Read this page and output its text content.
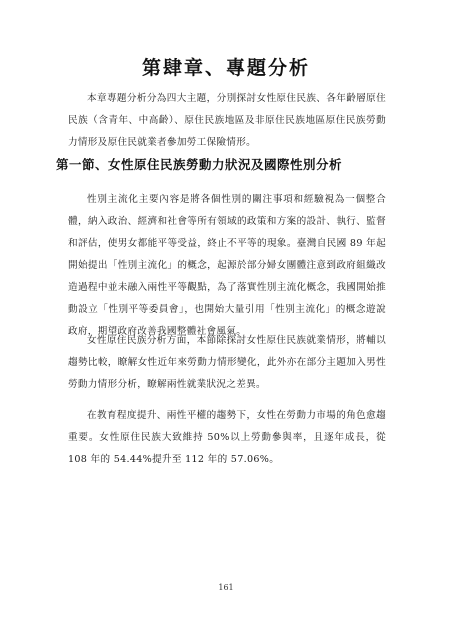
第肆章、專題分析

本章專題分析分為四大主題，分別探討女性原住民族、各年齡層原住民族（含青年、中高齡）、原住民族地區及非原住民族地區原住民族勞動力情形及原住民就業者參加勞工保險情形。

第一節、女性原住民族勞動力狀況及國際性別分析

性別主流化主要內容是將各個性別的關注事項和經驗視為一個整合體，納入政治、經濟和社會等所有領域的政策和方案的設計、執行、監督和評估，使男女都能平等受益，終止不平等的現象。臺灣自民國 89 年起開始提出「性別主流化」的概念，起源於部分婦女團體注意到政府組織改造過程中並未融入兩性平等觀點，為了落實性別主流化概念，我國開始推動設立「性別平等委員會」，也開始大量引用「性別主流化」的概念遊說政府，期望政府改善我國整體社會風氣。

女性原住民族分析方面，本節除探討女性原住民族就業情形，將輔以趨勢比較，瞭解女性近年來勞動力情形變化，此外亦在部分主題加入男性勞動力情形分析，瞭解兩性就業狀況之差異。

在教育程度提升、兩性平權的趨勢下，女性在勞動力市場的角色愈趨重要。女性原住民族大致維持 50%以上勞動參與率，且逐年成長，從 108 年的 54.44%提升至 112 年的 57.06%。

161
